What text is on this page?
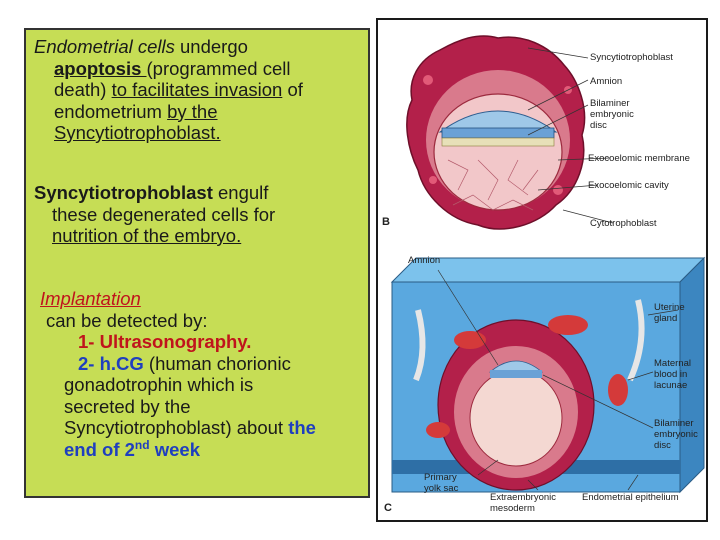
Endometrial cells undergo
apoptosis (programmed cell
death) to facilitates invasion of
endometrium by the
Syncytiotrophoblast.
Syncytiotrophoblast engulf
these degenerated cells for
nutrition of the embryo.
Implantation
can be detected by:
1- Ultrasonography.
2- h.CG (human chorionic
gonadotrophin which is
secreted by the
Syncytiotrophoblast) about the
end of 2nd week
B
C
Syncytiotrophoblast
Amnion
Bilaminer
embryonic
disc
Exocoelomic membrane
Exocoelomic cavity
Cytotrophoblast
Amnion
Uterine
gland
Maternal
blood in
lacunae
Bilaminer
embryonic
disc
Primary
yolk sac
Extraembryonic
mesoderm
Endometrial epithelium
